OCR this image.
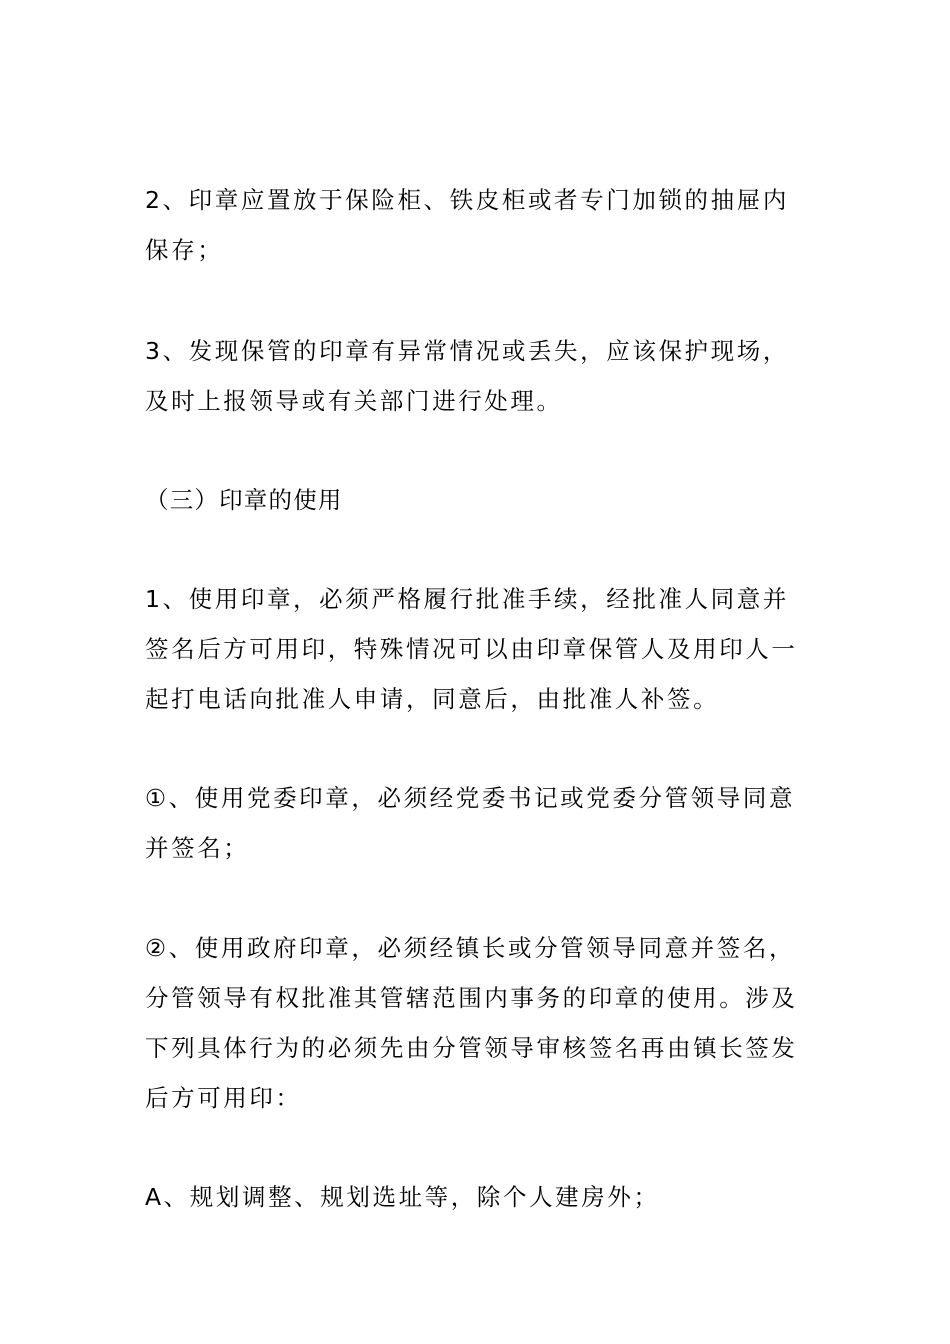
2、印章应置放于保险柜、铁皮柜或者专门加锁的抽屉内保存；

3、发现保管的印章有异常情况或丢失，应该保护现场，及时上报领导或有关部门进行处理。

（三）印章的使用

1、使用印章，必须严格履行批准手续，经批准人同意并签名后方可用印，特殊情况可以由印章保管人及用印人一起打电话向批准人申请，同意后，由批准人补签。

①、使用党委印章，必须经党委书记或党委分管领导同意并签名；

②、使用政府印章，必须经镇长或分管领导同意并签名，分管领导有权批准其管辖范围内事务的印章的使用。涉及下列具体行为的必须先由分管领导审核签名再由镇长签发后方可用印：

A、规划调整、规划选址等，除个人建房外；
